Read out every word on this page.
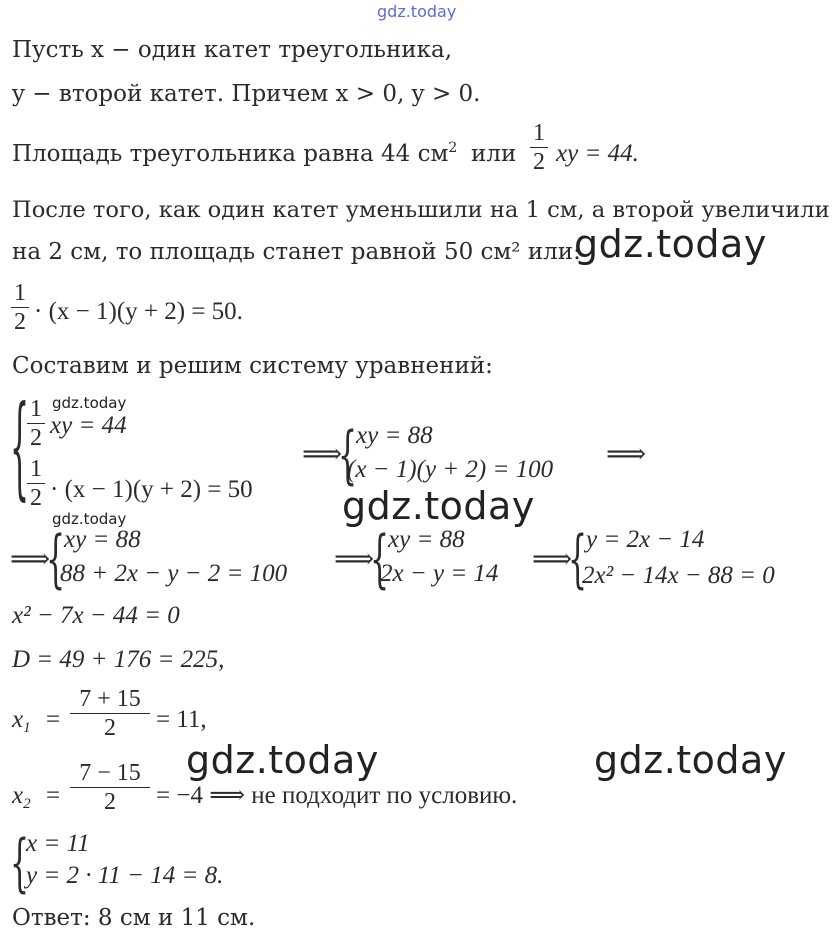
gdz.today
Пусть x − один катет треугольника,
y − второй катет. Причем x > 0, y > 0.
Площадь треугольника равна 44 $см^2$ или
1
2 xy = 44.
После того, как один катет уменьшили на 1 см, а второй увеличили
на 2 см, то площадь станет равной 50 см² или:
gdz.today
1
2 · (x − 1)(y + 2) = 50.
Составим и решим систему уравнений:
{ gdz.today
1
2 xy = 44
1
2 · (x − 1)(y + 2) = 50
gdz.today
⟹
{
xy = 88
(x − 1)(y + 2) = 100 ⟹
gdz.today
⟹
{
xy = 88
88 + 2x − y − 2 = 100 ⟹
{
xy = 88
2x − y = 14 ⟹
{
y = 2x − 14
2x² − 14x − 88 = 0
x² − 7x − 44 = 0
D = 49 + 176 = 225,
$x_1$ =
7 + 15
2	= 11,
gdz.today	gdz.today
$x_2$ =
7 − 15
2	= −4 ⟹ не подходит по условию.
{
x = 11
y = 2 · 11 − 14 = 8.
Ответ: 8 см и 11 см.
